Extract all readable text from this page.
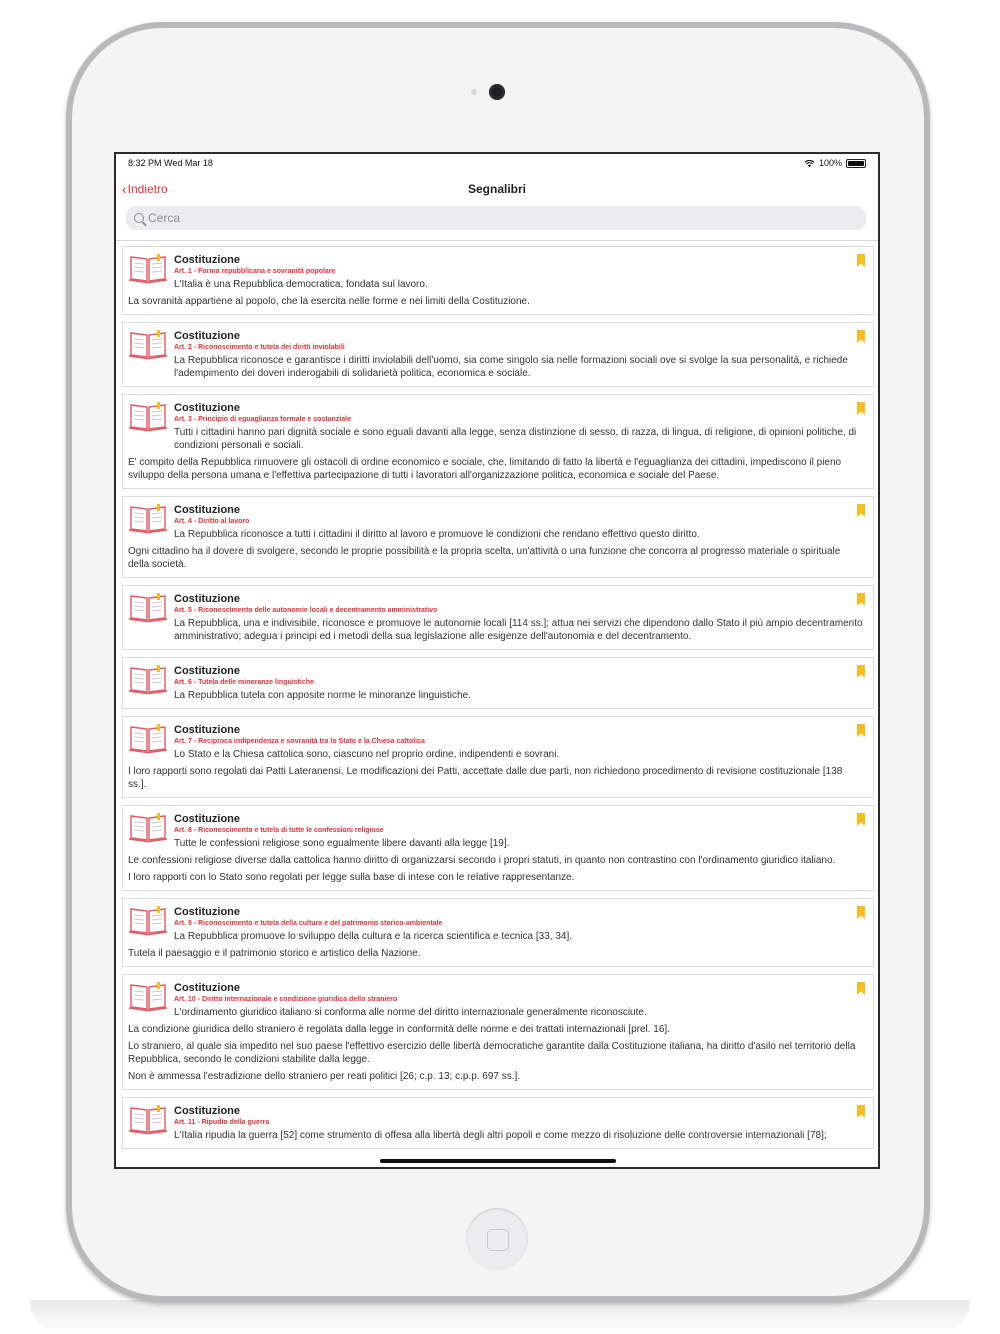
8:32 PM Wed Mar 18	100%
‹ Indietro	Segnalibri
Cerca
Costituzione
Art. 1 - Forma repubblicana e sovranità popolare
L'Italia è una Repubblica democratica, fondata sul lavoro.
La sovranità appartiene al popolo, che la esercita nelle forme e nei limiti della Costituzione.
Costituzione
Art. 2 - Riconoscimento e tutela dei diritti inviolabili
La Repubblica riconosce e garantisce i diritti inviolabili dell'uomo, sia come singolo sia nelle formazioni sociali ove si svolge la sua personalità, e richiede l'adempimento dei doveri inderogabili di solidarietà politica, economica e sociale.
Costituzione
Art. 3 - Principio di eguaglianza formale e sostanziale
Tutti i cittadini hanno pari dignità sociale e sono eguali davanti alla legge, senza distinzione di sesso, di razza, di lingua, di religione, di opinioni politiche, di condizioni personali e sociali.
E' compito della Repubblica rimuovere gli ostacoli di ordine economico e sociale, che, limitando di fatto la libertà e l'eguaglianza dei cittadini, impediscono il pieno sviluppo della persona umana e l'effettiva partecipazione di tutti i lavoratori all'organizzazione politica, economica e sociale del Paese.
Costituzione
Art. 4 - Diritto al lavoro
La Repubblica riconosce a tutti i cittadini il diritto al lavoro e promuove le condizioni che rendano effettivo questo diritto.
Ogni cittadino ha il dovere di svolgere, secondo le proprie possibilità e la propria scelta, un'attività o una funzione che concorra al progresso materiale o spirituale della società.
Costituzione
Art. 5 - Riconoscimento delle autonomie locali e decentramento amministrativo
La Repubblica, una e indivisibile, riconosce e promuove le autonomie locali [114 ss.]; attua nei servizi che dipendono dallo Stato il più ampio decentramento amministrativo; adegua i principi ed i metodi della sua legislazione alle esigenze dell'autonomia e del decentramento.
Costituzione
Art. 6 - Tutela delle minoranze linguistiche
La Repubblica tutela con apposite norme le minoranze linguistiche.
Costituzione
Art. 7 - Reciproca indipendenza e sovranità tra lo Stato e la Chiesa cattolica
Lo Stato e la Chiesa cattolica sono, ciascuno nel proprio ordine, indipendenti e sovrani.
I loro rapporti sono regolati dai Patti Lateranensi. Le modificazioni dei Patti, accettate dalle due parti, non richiedono procedimento di revisione costituzionale [138 ss.].
Costituzione
Art. 8 - Riconoscimento e tutela di tutte le confessioni religiose
Tutte le confessioni religiose sono egualmente libere davanti alla legge [19].
Le confessioni religiose diverse dalla cattolica hanno diritto di organizzarsi secondo i propri statuti, in quanto non contrastino con l'ordinamento giuridico italiano.
I loro rapporti con lo Stato sono regolati per legge sulla base di intese con le relative rappresentanze.
Costituzione
Art. 9 - Riconoscimento e tutela della cultura e del patrimonio storico-ambientale
La Repubblica promuove lo sviluppo della cultura e la ricerca scientifica e tecnica [33, 34].
Tutela il paesaggio e il patrimonio storico e artistico della Nazione.
Costituzione
Art. 10 - Diritto internazionale e condizione giuridica dello straniero
L'ordinamento giuridico italiano si conforma alle norme del diritto internazionale generalmente riconosciute.
La condizione giuridica dello straniero è regolata dalla legge in conformità delle norme e dei trattati internazionali [prel. 16].
Lo straniero, al quale sia impedito nel suo paese l'effettivo esercizio delle libertà democratiche garantite dalla Costituzione italiana, ha diritto d'asilo nel territorio della Repubblica, secondo le condizioni stabilite dalla legge.
Non è ammessa l'estradizione dello straniero per reati politici [26; c.p. 13; c.p.p. 697 ss.].
Costituzione
Art. 11 - Ripudio della guerra
L'Italia ripudia la guerra [52] come strumento di offesa alla libertà degli altri popoli e come mezzo di risoluzione delle controversie internazionali [78];
